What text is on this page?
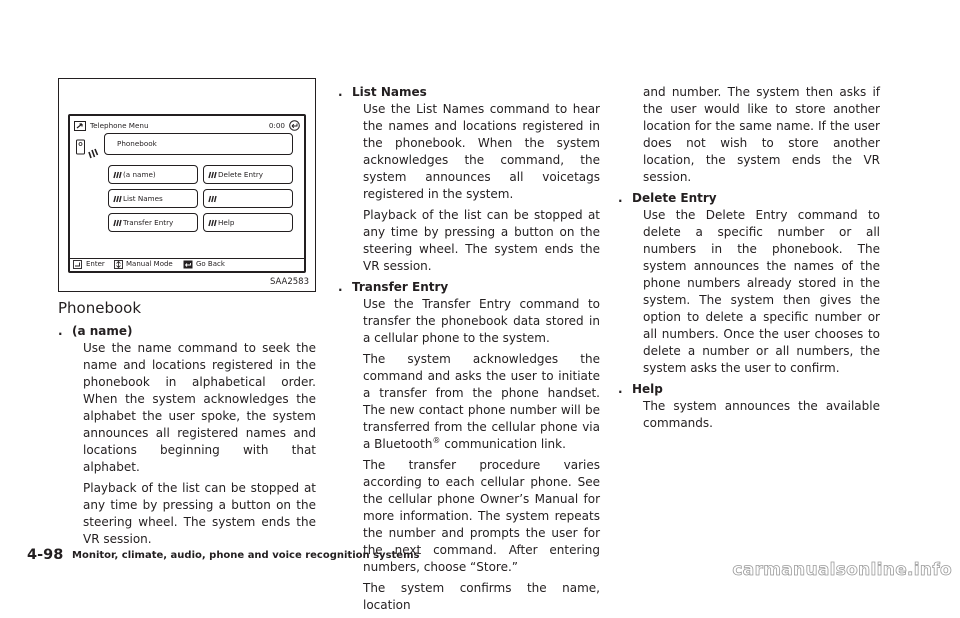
Telephone Menu	0:00
Phonebook
(a name)	Delete Entry
List Names
Transfer Entry	Help
Enter	Manual Mode	Go Back
SAA2583
Phonebook
. (a name)

Use the name command to seek the name and locations registered in the phonebook in alphabetical order. When the system acknowledges the alphabet the user spoke, the system announces all registered names and locations beginning with that alphabet.

Playback of the list can be stopped at any time by pressing a button on the steering wheel. The system ends the VR session.

. List Names

Use the List Names command to hear the names and locations registered in the phonebook. When the system acknowledges the command, the system announces all voicetags registered in the system.

Playback of the list can be stopped at any time by pressing a button on the steering wheel. The system ends the VR session.

. Transfer Entry

Use the Transfer Entry command to transfer the phonebook data stored in a cellular phone to the system.

The system acknowledges the command and asks the user to initiate a transfer from the phone handset. The new contact phone number will be transferred from the cellular phone via a Bluetooth® communication link.

The transfer procedure varies according to each cellular phone. See the cellular phone Owner’s Manual for more information. The system repeats the number and prompts the user for the next command. After entering numbers, choose “Store.”

The system confirms the name, location

and number. The system then asks if the user would like to store another location for the same name. If the user does not wish to store another location, the system ends the VR session.

. Delete Entry

Use the Delete Entry command to delete a specific number or all numbers in the phonebook. The system announces the names of the phone numbers already stored in the system. The system then gives the option to delete a specific number or all numbers. Once the user chooses to delete a number or all numbers, the system asks the user to confirm.

. Help

The system announces the available commands.

4-98 Monitor, climate, audio, phone and voice recognition systems
carmanualsonline.info
